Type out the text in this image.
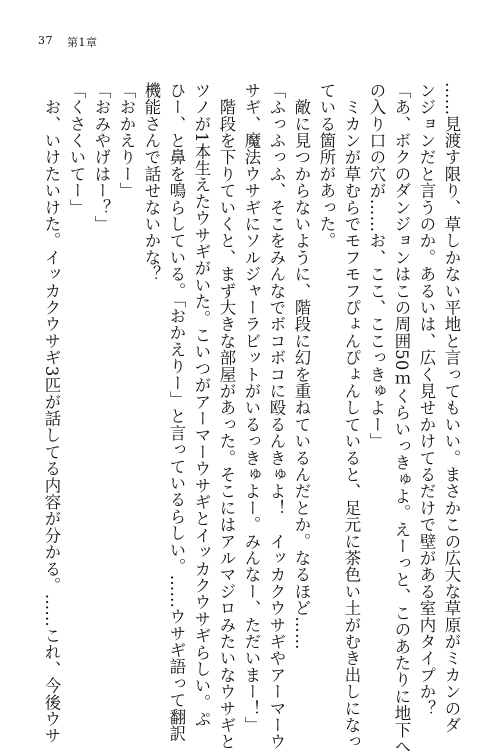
37 第1章
……見渡す限り、草しかない平地と言ってもいい。まさかこの広大な草原がミカンのダ
ンジョンだと言うのか。あるいは、広く見せかけてるだけで壁がある室内タイプか？
「あ、ボクのダンジョンはこの周囲50ｍくらいっきゅよ。えーっと、このあたりに地下へ
の入り口の穴が……お、ここ、ここっきゅよー」
　ミカンが草むらでモフモフぴょんぴょんしていると、足元に茶色い土がむき出しになっ
ている箇所があった。
　敵に見つからないように、階段に幻を重ねているんだとか。なるほど……
「ふっふっふ、そこをみんなでボコボコに殴るんきゅよ！　イッカクウサギやアーマーウ
サギ、魔法ウサギにソルジャーラビットがいるっきゅよー。みんなー、ただいまー！」
　階段を下りていくと、まず大きな部屋があった。そこにはアルマジロみたいなウサギと
ツノが1本生えたウサギがいた。こいつがアーマーウサギとイッカクウサギらしい。ぷ
ひー、と鼻を鳴らしている。「おかえりー」と言っているらしい。……ウサギ語って翻訳
機能さんで話せないかな？
「おかえりー」
「おみやげはー？」
「くさくいてー」
　お、いけたいけた。イッカクウサギ3匹が話してる内容が分かる。……これ、今後ウサ
